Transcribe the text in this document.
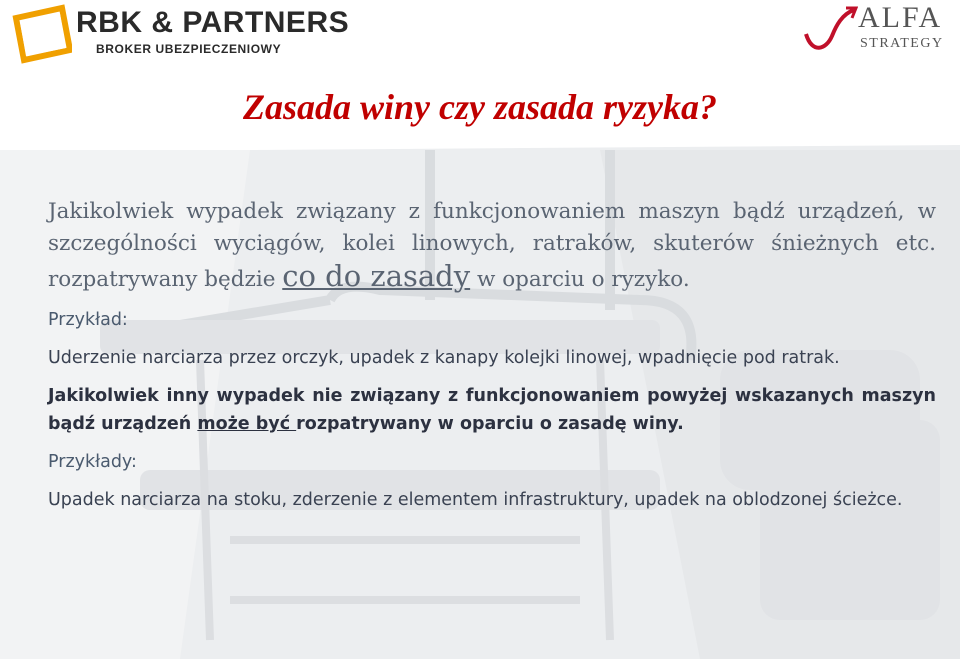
RBK & PARTNERS
BROKER UBEZPIECZENIOWY
ALFA
STRATEGY
Zasada winy czy zasada ryzyka?

Jakikolwiek wypadek związany z funkcjonowaniem maszyn bądź urządzeń, w szczególności wyciągów, kolei linowych, ratraków, skuterów śnieżnych etc. rozpatrywany będzie co do zasady w oparciu o ryzyko.

Przykład:

Uderzenie narciarza przez orczyk, upadek z kanapy kolejki linowej, wpadnięcie pod ratrak.

Jakikolwiek inny wypadek nie związany z funkcjonowaniem powyżej wskazanych maszyn bądź urządzeń może być rozpatrywany w oparciu o zasadę winy.

Przykłady:

Upadek narciarza na stoku, zderzenie z elementem infrastruktury, upadek na oblodzonej ścieżce.
